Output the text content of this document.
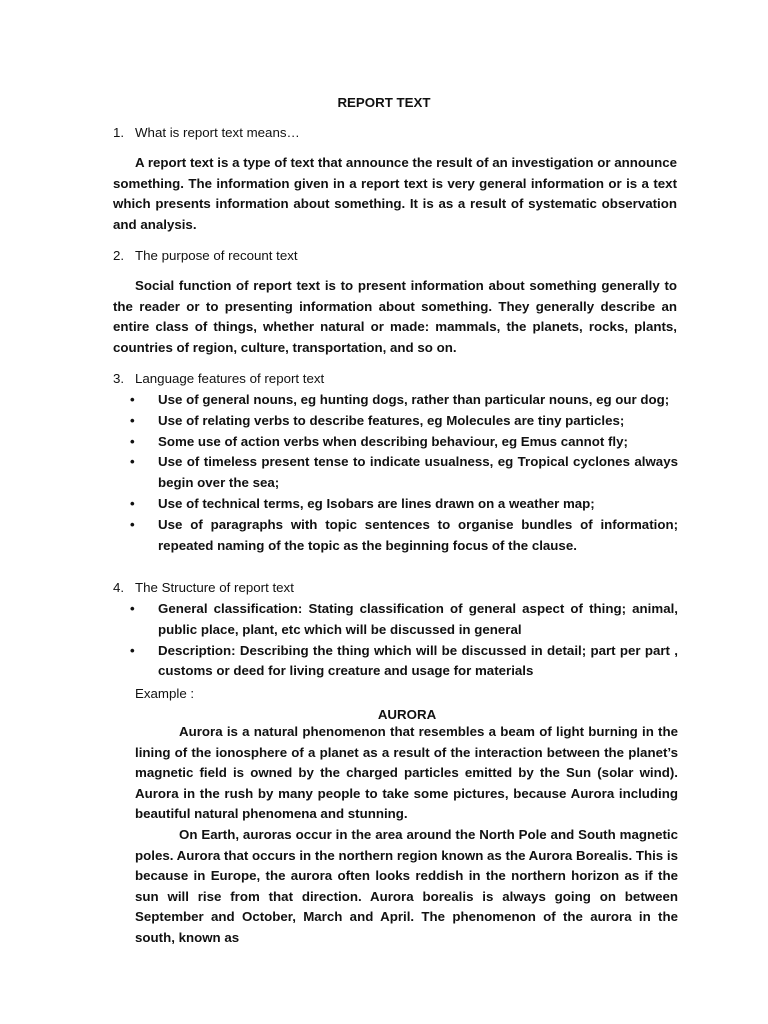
REPORT TEXT
1. What is report text means…
A report text is a type of text that announce the result of an investigation or announce something. The information given in a report text is very general information or is a text which presents information about something. It is as a result of systematic observation and analysis.
2. The purpose of recount text
Social function of report text is to present information about something generally to the reader or to presenting information about something. They generally describe an entire class of things, whether natural or made: mammals, the planets, rocks, plants, countries of region, culture, transportation, and so on.
3. Language features of report text
• Use of general nouns, eg hunting dogs, rather than particular nouns, eg our dog;
• Use of relating verbs to describe features, eg Molecules are tiny particles;
• Some use of action verbs when describing behaviour, eg Emus cannot fly;
• Use of timeless present tense to indicate usualness, eg Tropical cyclones always begin over the sea;
• Use of technical terms, eg Isobars are lines drawn on a weather map;
• Use of paragraphs with topic sentences to organise bundles of information; repeated naming of the topic as the beginning focus of the clause.
4. The Structure of report text
• General classification: Stating classification of general aspect of thing; animal, public place, plant, etc which will be discussed in general
• Description: Describing the thing which will be discussed in detail; part per part , customs or deed for living creature and usage for materials
Example :
AURORA
Aurora is a natural phenomenon that resembles a beam of light burning in the lining of the ionosphere of a planet as a result of the interaction between the planet’s magnetic field is owned by the charged particles emitted by the Sun (solar wind). Aurora in the rush by many people to take some pictures, because Aurora including beautiful natural phenomena and stunning.
On Earth, auroras occur in the area around the North Pole and South magnetic poles. Aurora that occurs in the northern region known as the Aurora Borealis. This is because in Europe, the aurora often looks reddish in the northern horizon as if the sun will rise from that direction. Aurora borealis is always going on between September and October, March and April. The phenomenon of the aurora in the south, known as
